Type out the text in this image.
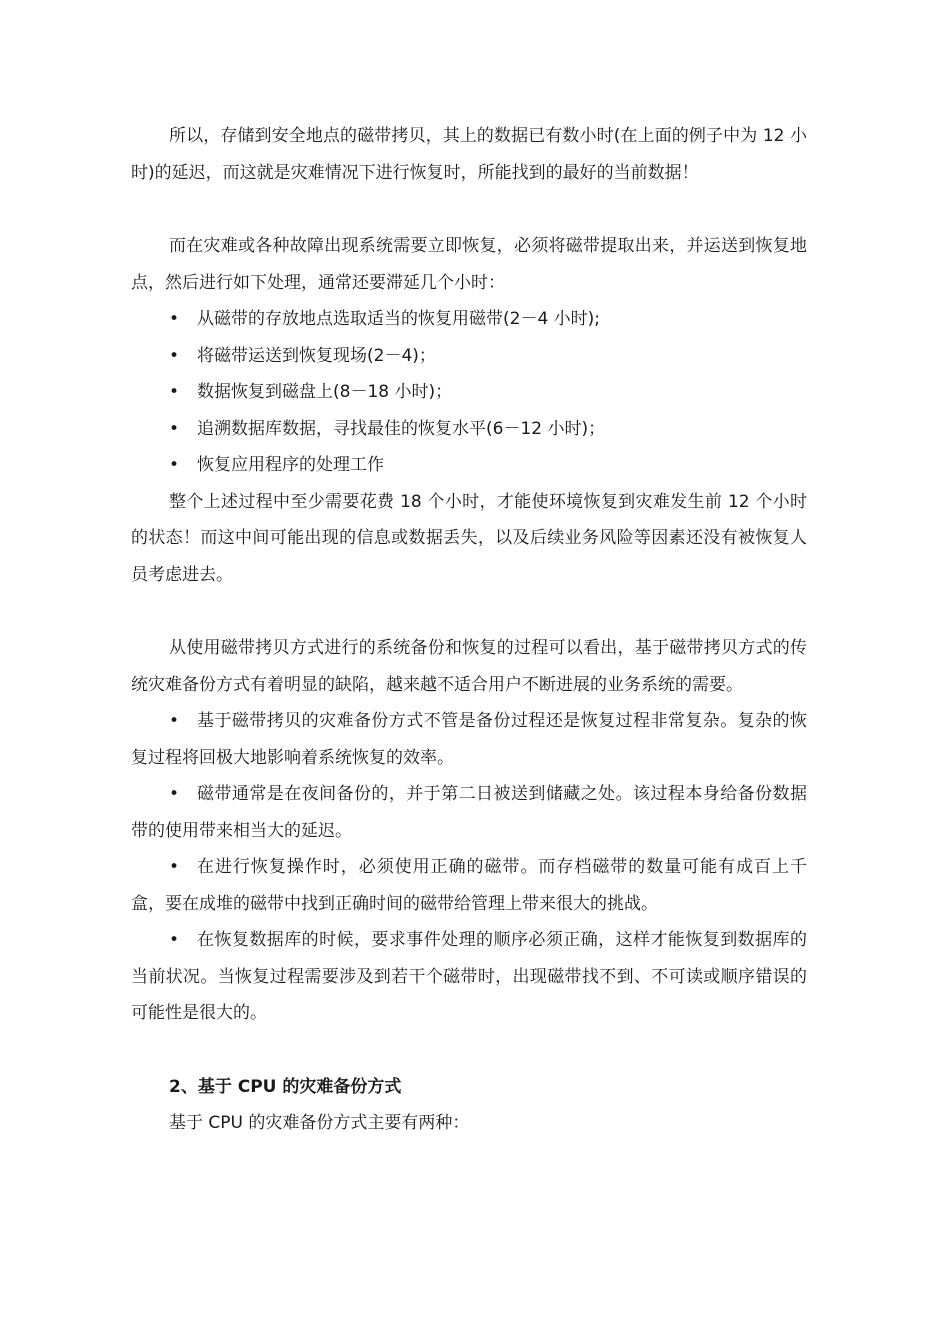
所以，存储到安全地点的磁带拷贝，其上的数据已有数小时(在上面的例子中为 12 小时)的延迟，而这就是灾难情况下进行恢复时，所能找到的最好的当前数据！

而在灾难或各种故障出现系统需要立即恢复，必须将磁带提取出来，并运送到恢复地点，然后进行如下处理，通常还要滞延几个小时：

• 从磁带的存放地点选取适当的恢复用磁带(2－4 小时);

• 将磁带运送到恢复现场(2－4)；

• 数据恢复到磁盘上(8－18 小时)；

• 追溯数据库数据，寻找最佳的恢复水平(6－12 小时)；

• 恢复应用程序的处理工作

整个上述过程中至少需要花费 18 个小时，才能使环境恢复到灾难发生前 12 个小时的状态！而这中间可能出现的信息或数据丢失，以及后续业务风险等因素还没有被恢复人员考虑进去。

从使用磁带拷贝方式进行的系统备份和恢复的过程可以看出，基于磁带拷贝方式的传统灾难备份方式有着明显的缺陷，越来越不适合用户不断进展的业务系统的需要。

• 基于磁带拷贝的灾难备份方式不管是备份过程还是恢复过程非常复杂。复杂的恢复过程将回极大地影响着系统恢复的效率。

• 磁带通常是在夜间备份的，并于第二日被送到储藏之处。该过程本身给备份数据带的使用带来相当大的延迟。

• 在进行恢复操作时，必须使用正确的磁带。而存档磁带的数量可能有成百上千盒，要在成堆的磁带中找到正确时间的磁带给管理上带来很大的挑战。

• 在恢复数据库的时候，要求事件处理的顺序必须正确，这样才能恢复到数据库的当前状况。当恢复过程需要涉及到若干个磁带时，出现磁带找不到、不可读或顺序错误的可能性是很大的。

2、基于 CPU 的灾难备份方式

基于 CPU 的灾难备份方式主要有两种：
